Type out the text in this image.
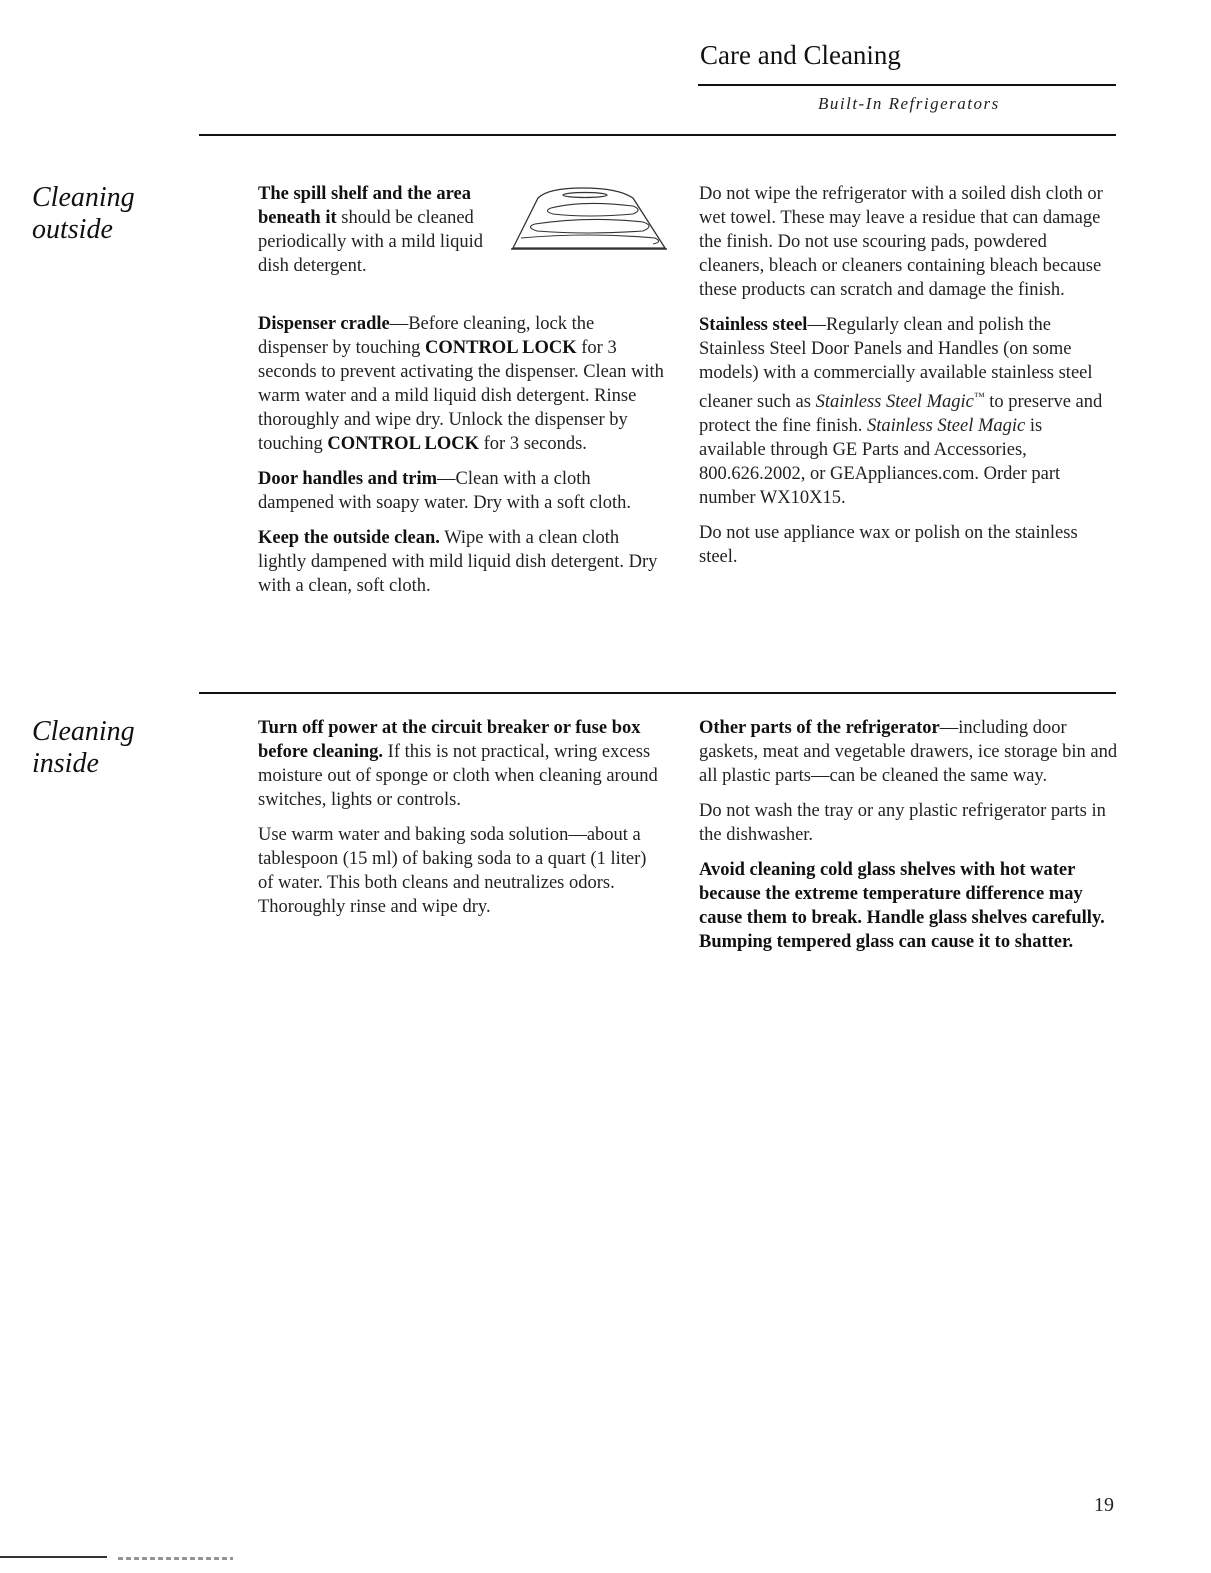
Care and Cleaning
Built-In Refrigerators
Cleaning
outside
The spill shelf and the area beneath it should be cleaned periodically with a mild liquid dish detergent.

Dispenser cradle—Before cleaning, lock the dispenser by touching CONTROL LOCK for 3 seconds to prevent activating the dispenser. Clean with warm water and a mild liquid dish detergent. Rinse thoroughly and wipe dry. Unlock the dispenser by touching CONTROL LOCK for 3 seconds.

Door handles and trim—Clean with a cloth dampened with soapy water. Dry with a soft cloth.

Keep the outside clean. Wipe with a clean cloth lightly dampened with mild liquid dish detergent. Dry with a clean, soft cloth.

Do not wipe the refrigerator with a soiled dish cloth or wet towel. These may leave a residue that can damage the finish. Do not use scouring pads, powdered cleaners, bleach or cleaners containing bleach because these products can scratch and damage the finish.

Stainless steel—Regularly clean and polish the Stainless Steel Door Panels and Handles (on some models) with a commercially available stainless steel cleaner such as Stainless Steel Magic™ to preserve and protect the fine finish. Stainless Steel Magic is available through GE Parts and Accessories, 800.626.2002, or GEAppliances.com. Order part number WX10X15.

Do not use appliance wax or polish on the stainless steel.

Cleaning
inside

Turn off power at the circuit breaker or fuse box before cleaning. If this is not practical, wring excess moisture out of sponge or cloth when cleaning around switches, lights or controls.

Use warm water and baking soda solution—about a tablespoon (15 ml) of baking soda to a quart (1 liter) of water. This both cleans and neutralizes odors. Thoroughly rinse and wipe dry.

Other parts of the refrigerator—including door gaskets, meat and vegetable drawers, ice storage bin and all plastic parts—can be cleaned the same way.

Do not wash the tray or any plastic refrigerator parts in the dishwasher.

Avoid cleaning cold glass shelves with hot water because the extreme temperature difference may cause them to break. Handle glass shelves carefully. Bumping tempered glass can cause it to shatter.

19
